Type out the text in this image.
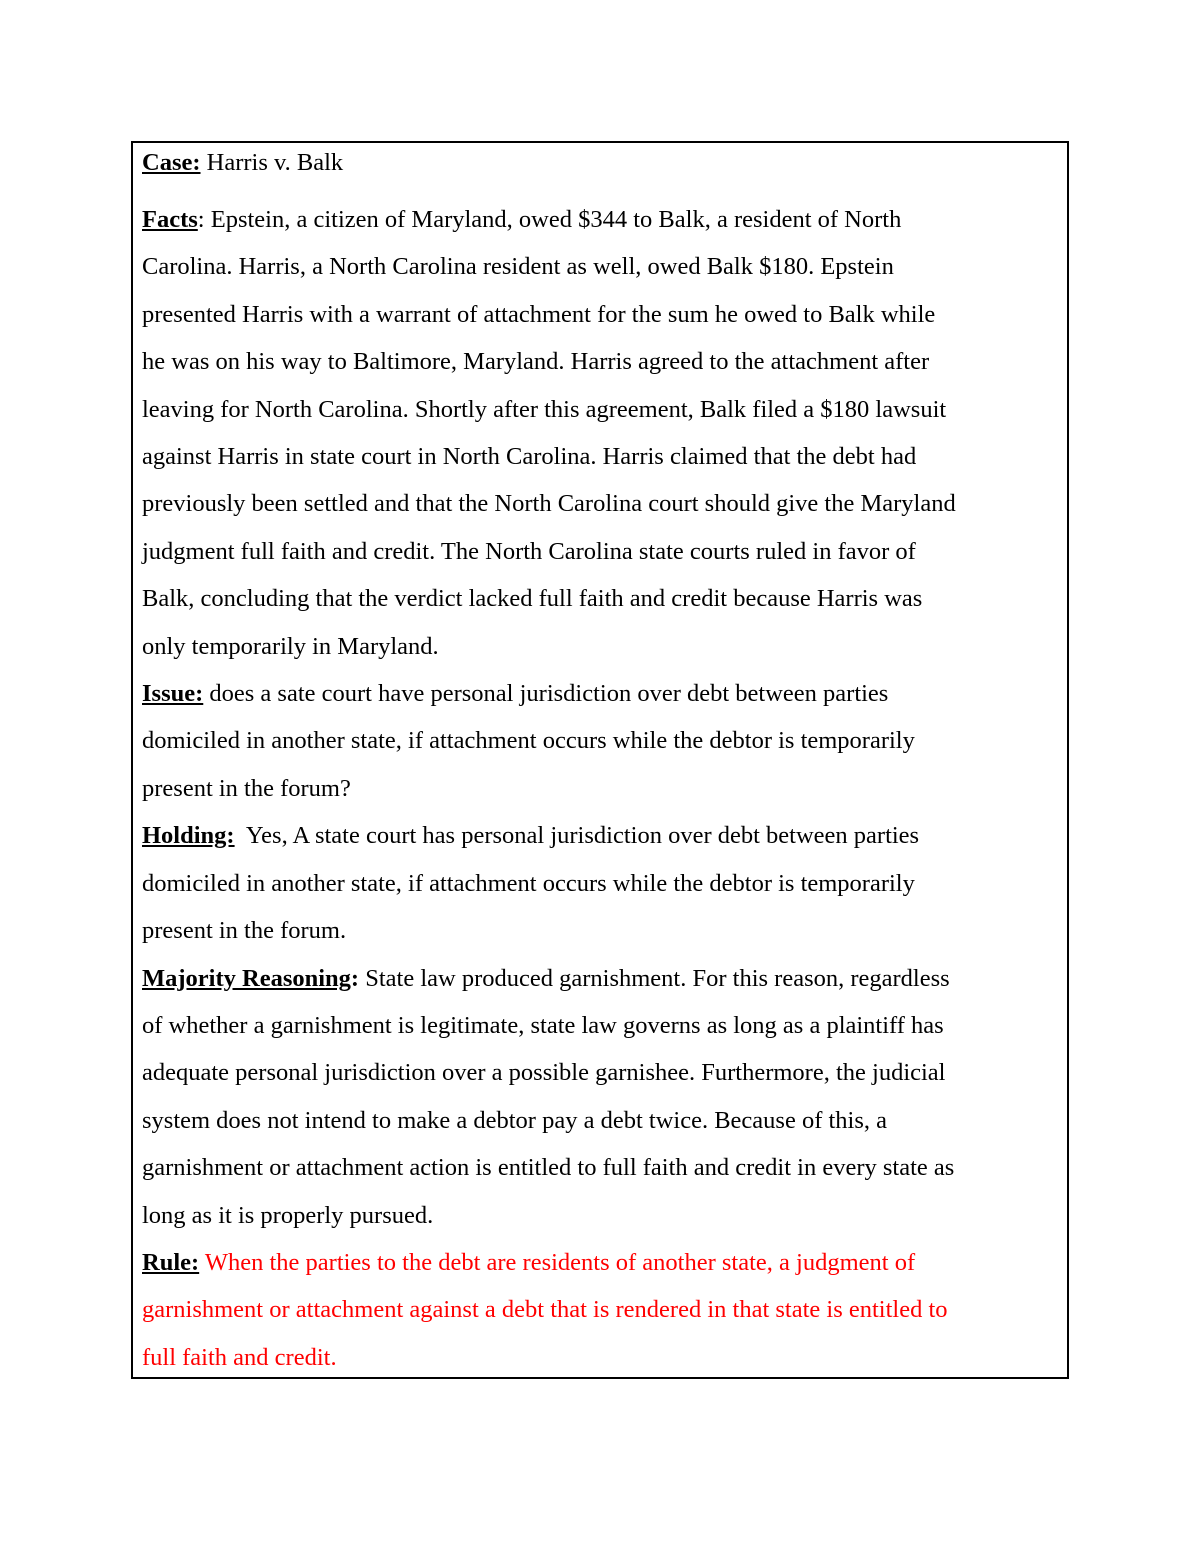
Case: Harris v. Balk
Facts: Epstein, a citizen of Maryland, owed $344 to Balk, a resident of North
Carolina. Harris, a North Carolina resident as well, owed Balk $180. Epstein
presented Harris with a warrant of attachment for the sum he owed to Balk while
he was on his way to Baltimore, Maryland. Harris agreed to the attachment after
leaving for North Carolina. Shortly after this agreement, Balk filed a $180 lawsuit
against Harris in state court in North Carolina. Harris claimed that the debt had
previously been settled and that the North Carolina court should give the Maryland
judgment full faith and credit. The North Carolina state courts ruled in favor of
Balk, concluding that the verdict lacked full faith and credit because Harris was
only temporarily in Maryland.
Issue: does a sate court have personal jurisdiction over debt between parties
domiciled in another state, if attachment occurs while the debtor is temporarily
present in the forum?
Holding:  Yes, A state court has personal jurisdiction over debt between parties
domiciled in another state, if attachment occurs while the debtor is temporarily
present in the forum.
Majority Reasoning: State law produced garnishment. For this reason, regardless
of whether a garnishment is legitimate, state law governs as long as a plaintiff has
adequate personal jurisdiction over a possible garnishee. Furthermore, the judicial
system does not intend to make a debtor pay a debt twice. Because of this, a
garnishment or attachment action is entitled to full faith and credit in every state as
long as it is properly pursued.
Rule: When the parties to the debt are residents of another state, a judgment of
garnishment or attachment against a debt that is rendered in that state is entitled to
full faith and credit.
